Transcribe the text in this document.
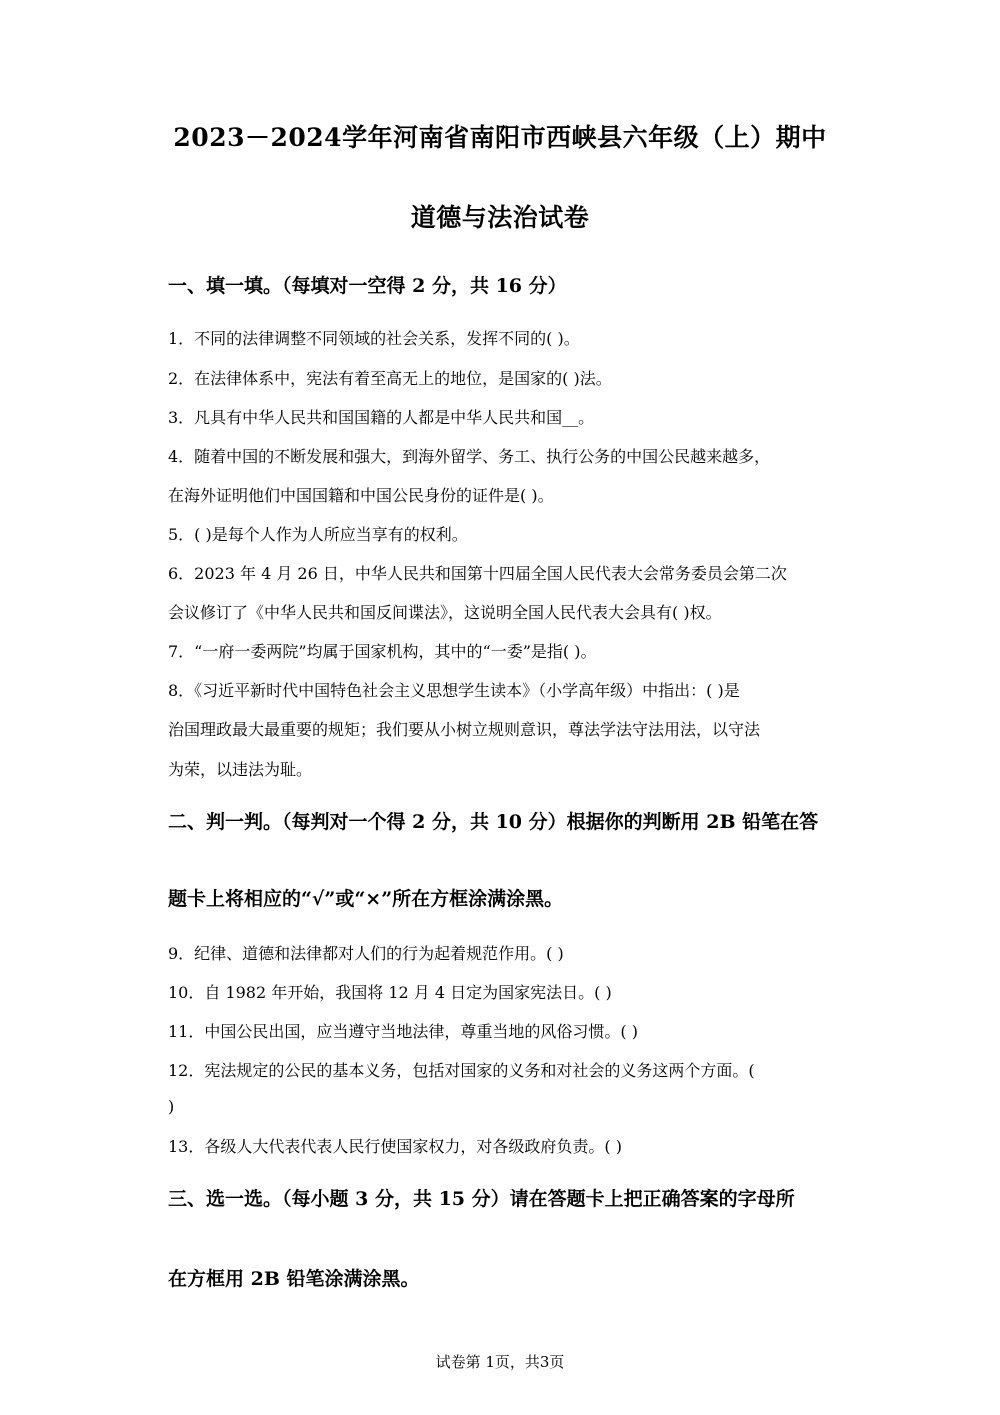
2023－2024学年河南省南阳市西峡县六年级（上）期中
道德与法治试卷
一、填一填。（每填对一空得 2 分，共 16 分）
1．不同的法律调整不同领域的社会关系，发挥不同的( )。
2．在法律体系中，宪法有着至高无上的地位，是国家的( )法。
3．凡具有中华人民共和国国籍的人都是中华人民共和国__。
4．随着中国的不断发展和强大，到海外留学、务工、执行公务的中国公民越来越多，
在海外证明他们中国国籍和中国公民身份的证件是( )。
5．( )是每个人作为人所应当享有的权利。
6．2023 年 4 月 26 日，中华人民共和国第十四届全国人民代表大会常务委员会第二次
会议修订了《中华人民共和国反间谍法》，这说明全国人民代表大会具有( )权。
7．“一府一委两院”均属于国家机构，其中的“一委”是指( )。
8．《习近平新时代中国特色社会主义思想学生读本》（小学高年级）中指出：( )是
治国理政最大最重要的规矩；我们要从小树立规则意识，尊法学法守法用法，以守法
为荣，以违法为耻。
二、判一判。（每判对一个得 2 分，共 10 分）根据你的判断用 2B 铅笔在答
题卡上将相应的“√”或“×”所在方框涂满涂黑。
9．纪律、道德和法律都对人们的行为起着规范作用。( )
10．自 1982 年开始，我国将 12 月 4 日定为国家宪法日。( )
11．中国公民出国，应当遵守当地法律，尊重当地的风俗习惯。( )
12．宪法规定的公民的基本义务，包括对国家的义务和对社会的义务这两个方面。(
)
13．各级人大代表代表人民行使国家权力，对各级政府负责。( )
三、选一选。（每小题 3 分，共 15 分）请在答题卡上把正确答案的字母所
在方框用 2B 铅笔涂满涂黑。
试卷第 1页，共3页
